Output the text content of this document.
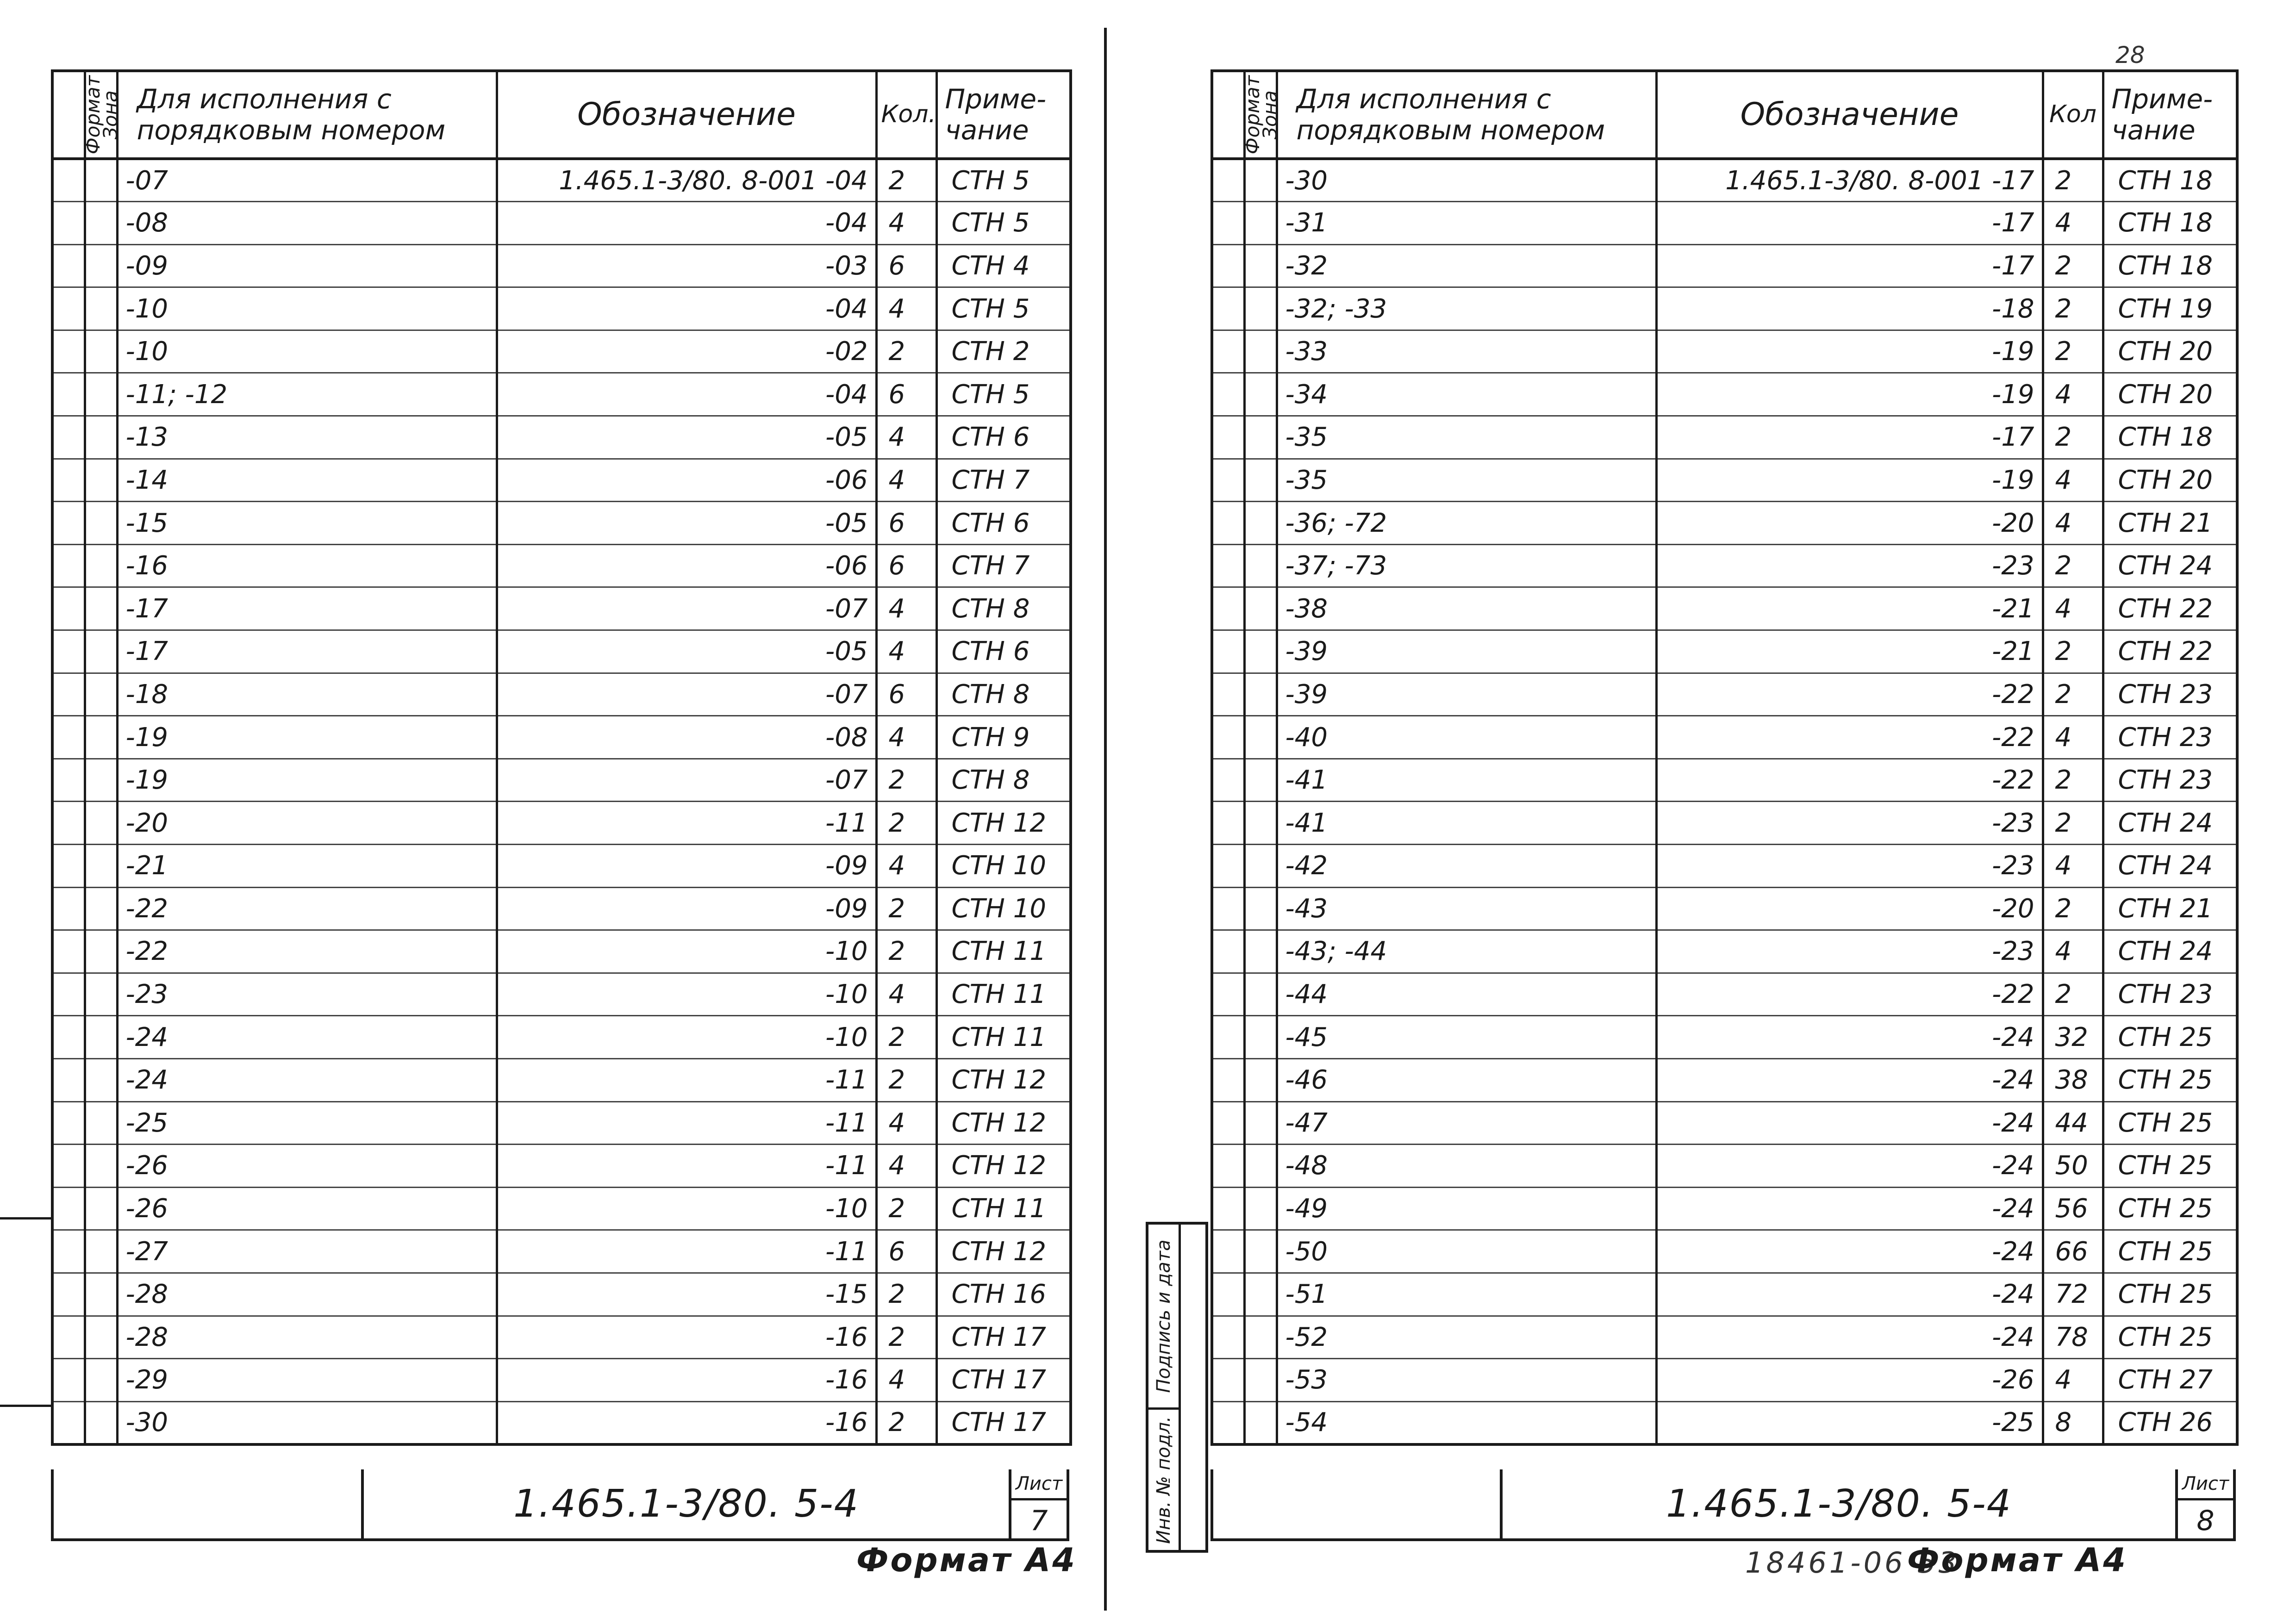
Формат	Зона	Для исполнения с порядковым номером	Обозначение	Кол.	Приме-чание
		-07	1.465.1-3/80. 8-001 -04	2	СТН 5
		-08	-04	4	СТН 5
		-09	-03	6	СТН 4
		-10	-04	4	СТН 5
		-10	-02	2	СТН 2
		-11; -12	-04	6	СТН 5
		-13	-05	4	СТН 6
		-14	-06	4	СТН 7
		-15	-05	6	СТН 6
		-16	-06	6	СТН 7
		-17	-07	4	СТН 8
		-17	-05	4	СТН 6
		-18	-07	6	СТН 8
		-19	-08	4	СТН 9
		-19	-07	2	СТН 8
		-20	-11	2	СТН 12
		-21	-09	4	СТН 10
		-22	-09	2	СТН 10
		-22	-10	2	СТН 11
		-23	-10	4	СТН 11
		-24	-10	2	СТН 11
		-24	-11	2	СТН 12
		-25	-11	4	СТН 12
		-26	-11	4	СТН 12
		-26	-10	2	СТН 11
		-27	-11	6	СТН 12
		-28	-15	2	СТН 16
		-28	-16	2	СТН 17
		-29	-16	4	СТН 17
		-30	-16	2	СТН 17
1.465.1-3/80. 5-4	Лист
7
Формат А4
28
Формат	Зона	Для исполнения с порядковым номером	Обозначение	Кол	Приме-чание
		-30	1.465.1-3/80. 8-001 -17	2	СТН 18
		-31	-17	4	СТН 18
		-32	-17	2	СТН 18
		-32; -33	-18	2	СТН 19
		-33	-19	2	СТН 20
		-34	-19	4	СТН 20
		-35	-17	2	СТН 18
		-35	-19	4	СТН 20
		-36; -72	-20	4	СТН 21
		-37; -73	-23	2	СТН 24
		-38	-21	4	СТН 22
		-39	-21	2	СТН 22
		-39	-22	2	СТН 23
		-40	-22	4	СТН 23
		-41	-22	2	СТН 23
		-41	-23	2	СТН 24
		-42	-23	4	СТН 24
		-43	-20	2	СТН 21
		-43; -44	-23	4	СТН 24
		-44	-22	2	СТН 23
		-45	-24	32	СТН 25
		-46	-24	38	СТН 25
		-47	-24	44	СТН 25
		-48	-24	50	СТН 25
		-49	-24	56	СТН 25
		-50	-24	66	СТН 25
		-51	-24	72	СТН 25
		-52	-24	78	СТН 25
		-53	-26	4	СТН 27
		-54	-25	8	СТН 26
Подпись и дата
Инв. № подл.	1.465.1-3/80. 5-4	Лист
8
18461-06 53
Формат А4
